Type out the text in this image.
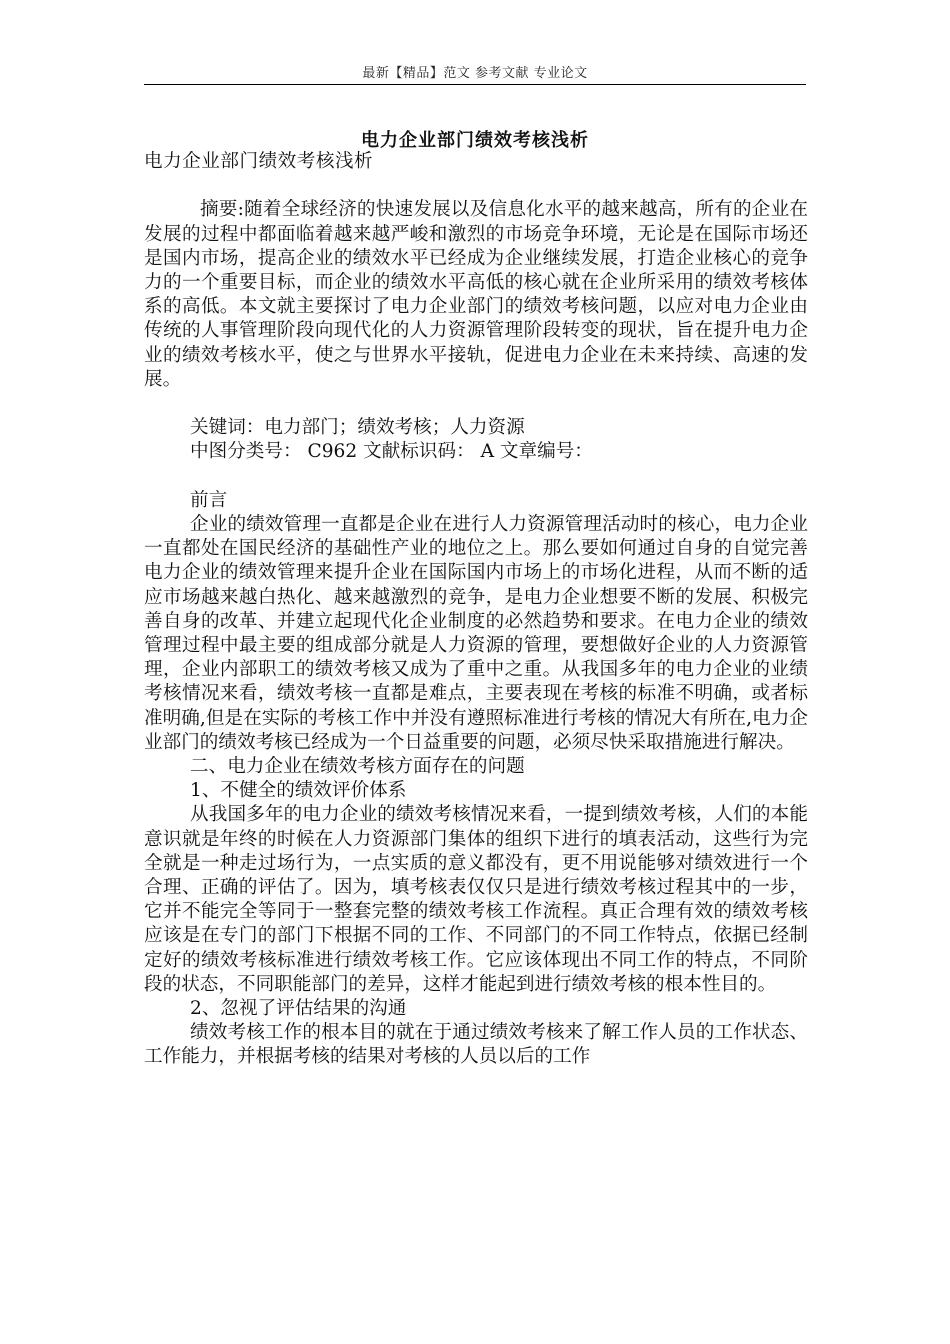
最新【精品】范文 参考文献 专业论文
电力企业部门绩效考核浅析

电力企业部门绩效考核浅析

摘要:随着全球经济的快速发展以及信息化水平的越来越高，所有的企业在发展的过程中都面临着越来越严峻和激烈的市场竞争环境，无论是在国际市场还是国内市场，提高企业的绩效水平已经成为企业继续发展，打造企业核心的竞争力的一个重要目标，而企业的绩效水平高低的核心就在企业所采用的绩效考核体系的高低。本文就主要探讨了电力企业部门的绩效考核问题，以应对电力企业由传统的人事管理阶段向现代化的人力资源管理阶段转变的现状，旨在提升电力企业的绩效考核水平，使之与世界水平接轨，促进电力企业在未来持续、高速的发展。

关键词：电力部门；绩效考核；人力资源

中图分类号： C962 文献标识码： A 文章编号：

前言

企业的绩效管理一直都是企业在进行人力资源管理活动时的核心，电力企业一直都处在国民经济的基础性产业的地位之上。那么要如何通过自身的自觉完善电力企业的绩效管理来提升企业在国际国内市场上的市场化进程，从而不断的适应市场越来越白热化、越来越激烈的竞争，是电力企业想要不断的发展、积极完善自身的改革、并建立起现代化企业制度的必然趋势和要求。在电力企业的绩效管理过程中最主要的组成部分就是人力资源的管理，要想做好企业的人力资源管理，企业内部职工的绩效考核又成为了重中之重。从我国多年的电力企业的业绩考核情况来看，绩效考核一直都是难点，主要表现在考核的标准不明确，或者标准明确,但是在实际的考核工作中并没有遵照标准进行考核的情况大有所在,电力企业部门的绩效考核已经成为一个日益重要的问题，必须尽快采取措施进行解决。

二、电力企业在绩效考核方面存在的问题

1、不健全的绩效评价体系

从我国多年的电力企业的绩效考核情况来看，一提到绩效考核，人们的本能意识就是年终的时候在人力资源部门集体的组织下进行的填表活动，这些行为完全就是一种走过场行为，一点实质的意义都没有，更不用说能够对绩效进行一个合理、正确的评估了。因为，填考核表仅仅只是进行绩效考核过程其中的一步，它并不能完全等同于一整套完整的绩效考核工作流程。真正合理有效的绩效考核应该是在专门的部门下根据不同的工作、不同部门的不同工作特点，依据已经制定好的绩效考核标准进行绩效考核工作。它应该体现出不同工作的特点，不同阶段的状态，不同职能部门的差异，这样才能起到进行绩效考核的根本性目的。

2、忽视了评估结果的沟通

绩效考核工作的根本目的就在于通过绩效考核来了解工作人员的工作状态、工作能力，并根据考核的结果对考核的人员以后的工作
